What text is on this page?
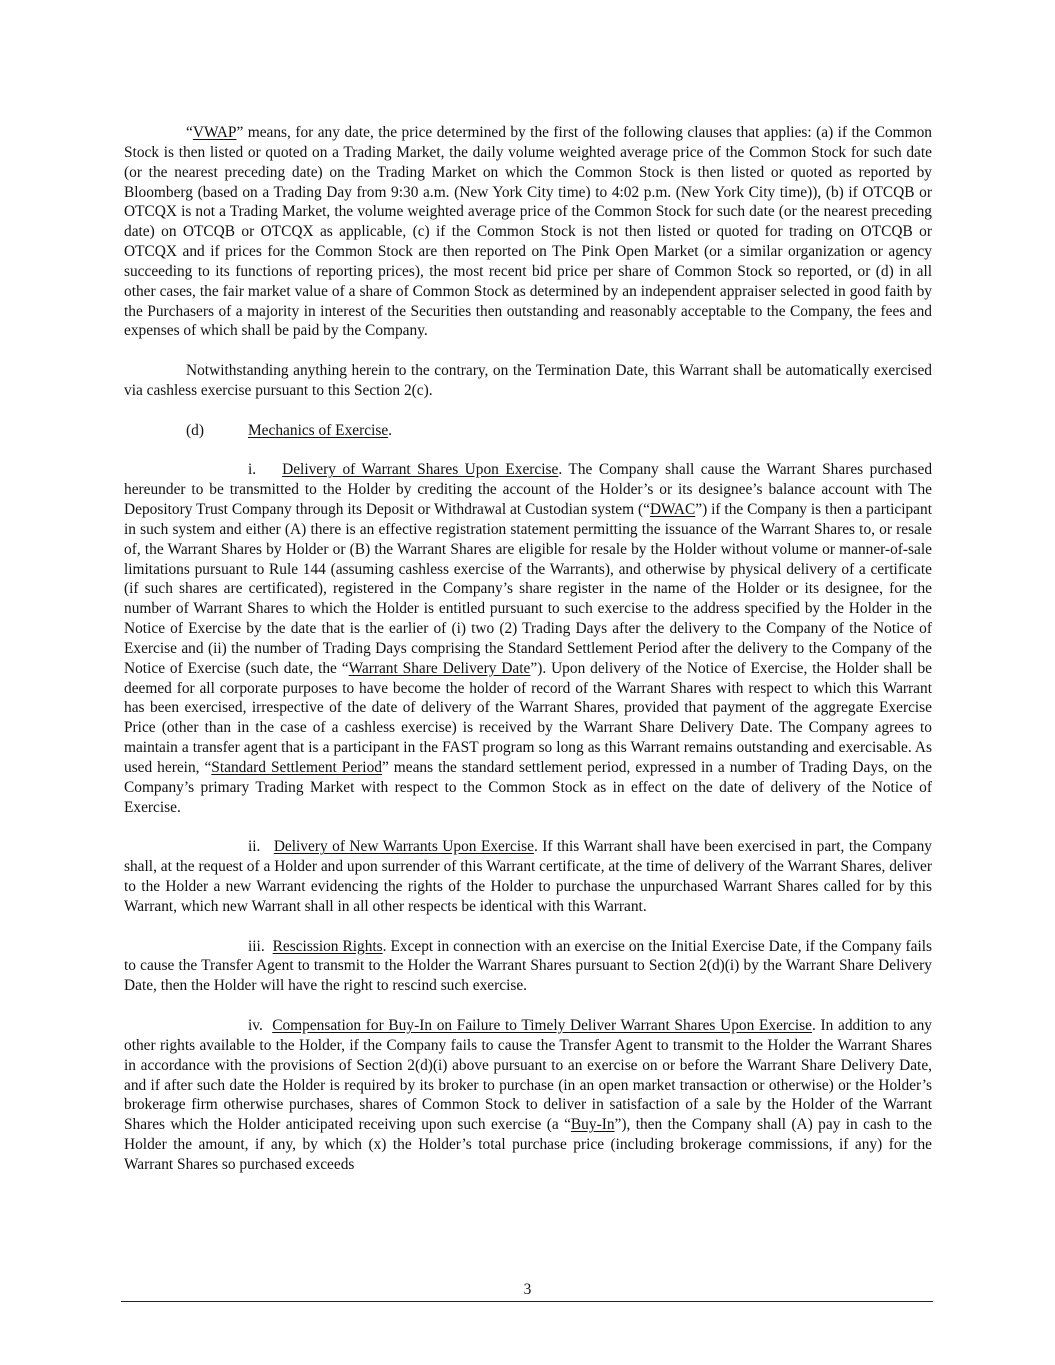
“VWAP” means, for any date, the price determined by the first of the following clauses that applies: (a) if the Common Stock is then listed or quoted on a Trading Market, the daily volume weighted average price of the Common Stock for such date (or the nearest preceding date) on the Trading Market on which the Common Stock is then listed or quoted as reported by Bloomberg (based on a Trading Day from 9:30 a.m. (New York City time) to 4:02 p.m. (New York City time)), (b) if OTCQB or OTCQX is not a Trading Market, the volume weighted average price of the Common Stock for such date (or the nearest preceding date) on OTCQB or OTCQX as applicable, (c) if the Common Stock is not then listed or quoted for trading on OTCQB or OTCQX and if prices for the Common Stock are then reported on The Pink Open Market (or a similar organization or agency succeeding to its functions of reporting prices), the most recent bid price per share of Common Stock so reported, or (d) in all other cases, the fair market value of a share of Common Stock as determined by an independent appraiser selected in good faith by the Purchasers of a majority in interest of the Securities then outstanding and reasonably acceptable to the Company, the fees and expenses of which shall be paid by the Company.

Notwithstanding anything herein to the contrary, on the Termination Date, this Warrant shall be automatically exercised via cashless exercise pursuant to this Section 2(c).

(d)	Mechanics of Exercise.

i. Delivery of Warrant Shares Upon Exercise. The Company shall cause the Warrant Shares purchased hereunder to be transmitted to the Holder by crediting the account of the Holder’s or its designee’s balance account with The Depository Trust Company through its Deposit or Withdrawal at Custodian system (“DWAC”) if the Company is then a participant in such system and either (A) there is an effective registration statement permitting the issuance of the Warrant Shares to, or resale of, the Warrant Shares by Holder or (B) the Warrant Shares are eligible for resale by the Holder without volume or manner-of-sale limitations pursuant to Rule 144 (assuming cashless exercise of the Warrants), and otherwise by physical delivery of a certificate (if such shares are certificated), registered in the Company’s share register in the name of the Holder or its designee, for the number of Warrant Shares to which the Holder is entitled pursuant to such exercise to the address specified by the Holder in the Notice of Exercise by the date that is the earlier of (i) two (2) Trading Days after the delivery to the Company of the Notice of Exercise and (ii) the number of Trading Days comprising the Standard Settlement Period after the delivery to the Company of the Notice of Exercise (such date, the “Warrant Share Delivery Date”). Upon delivery of the Notice of Exercise, the Holder shall be deemed for all corporate purposes to have become the holder of record of the Warrant Shares with respect to which this Warrant has been exercised, irrespective of the date of delivery of the Warrant Shares, provided that payment of the aggregate Exercise Price (other than in the case of a cashless exercise) is received by the Warrant Share Delivery Date. The Company agrees to maintain a transfer agent that is a participant in the FAST program so long as this Warrant remains outstanding and exercisable. As used herein, “Standard Settlement Period” means the standard settlement period, expressed in a number of Trading Days, on the Company’s primary Trading Market with respect to the Common Stock as in effect on the date of delivery of the Notice of Exercise.

ii. Delivery of New Warrants Upon Exercise. If this Warrant shall have been exercised in part, the Company shall, at the request of a Holder and upon surrender of this Warrant certificate, at the time of delivery of the Warrant Shares, deliver to the Holder a new Warrant evidencing the rights of the Holder to purchase the unpurchased Warrant Shares called for by this Warrant, which new Warrant shall in all other respects be identical with this Warrant.

iii. Rescission Rights. Except in connection with an exercise on the Initial Exercise Date, if the Company fails to cause the Transfer Agent to transmit to the Holder the Warrant Shares pursuant to Section 2(d)(i) by the Warrant Share Delivery Date, then the Holder will have the right to rescind such exercise.

iv. Compensation for Buy-In on Failure to Timely Deliver Warrant Shares Upon Exercise. In addition to any other rights available to the Holder, if the Company fails to cause the Transfer Agent to transmit to the Holder the Warrant Shares in accordance with the provisions of Section 2(d)(i) above pursuant to an exercise on or before the Warrant Share Delivery Date, and if after such date the Holder is required by its broker to purchase (in an open market transaction or otherwise) or the Holder’s brokerage firm otherwise purchases, shares of Common Stock to deliver in satisfaction of a sale by the Holder of the Warrant Shares which the Holder anticipated receiving upon such exercise (a “Buy-In”), then the Company shall (A) pay in cash to the Holder the amount, if any, by which (x) the Holder’s total purchase price (including brokerage commissions, if any) for the Warrant Shares so purchased exceeds

3
